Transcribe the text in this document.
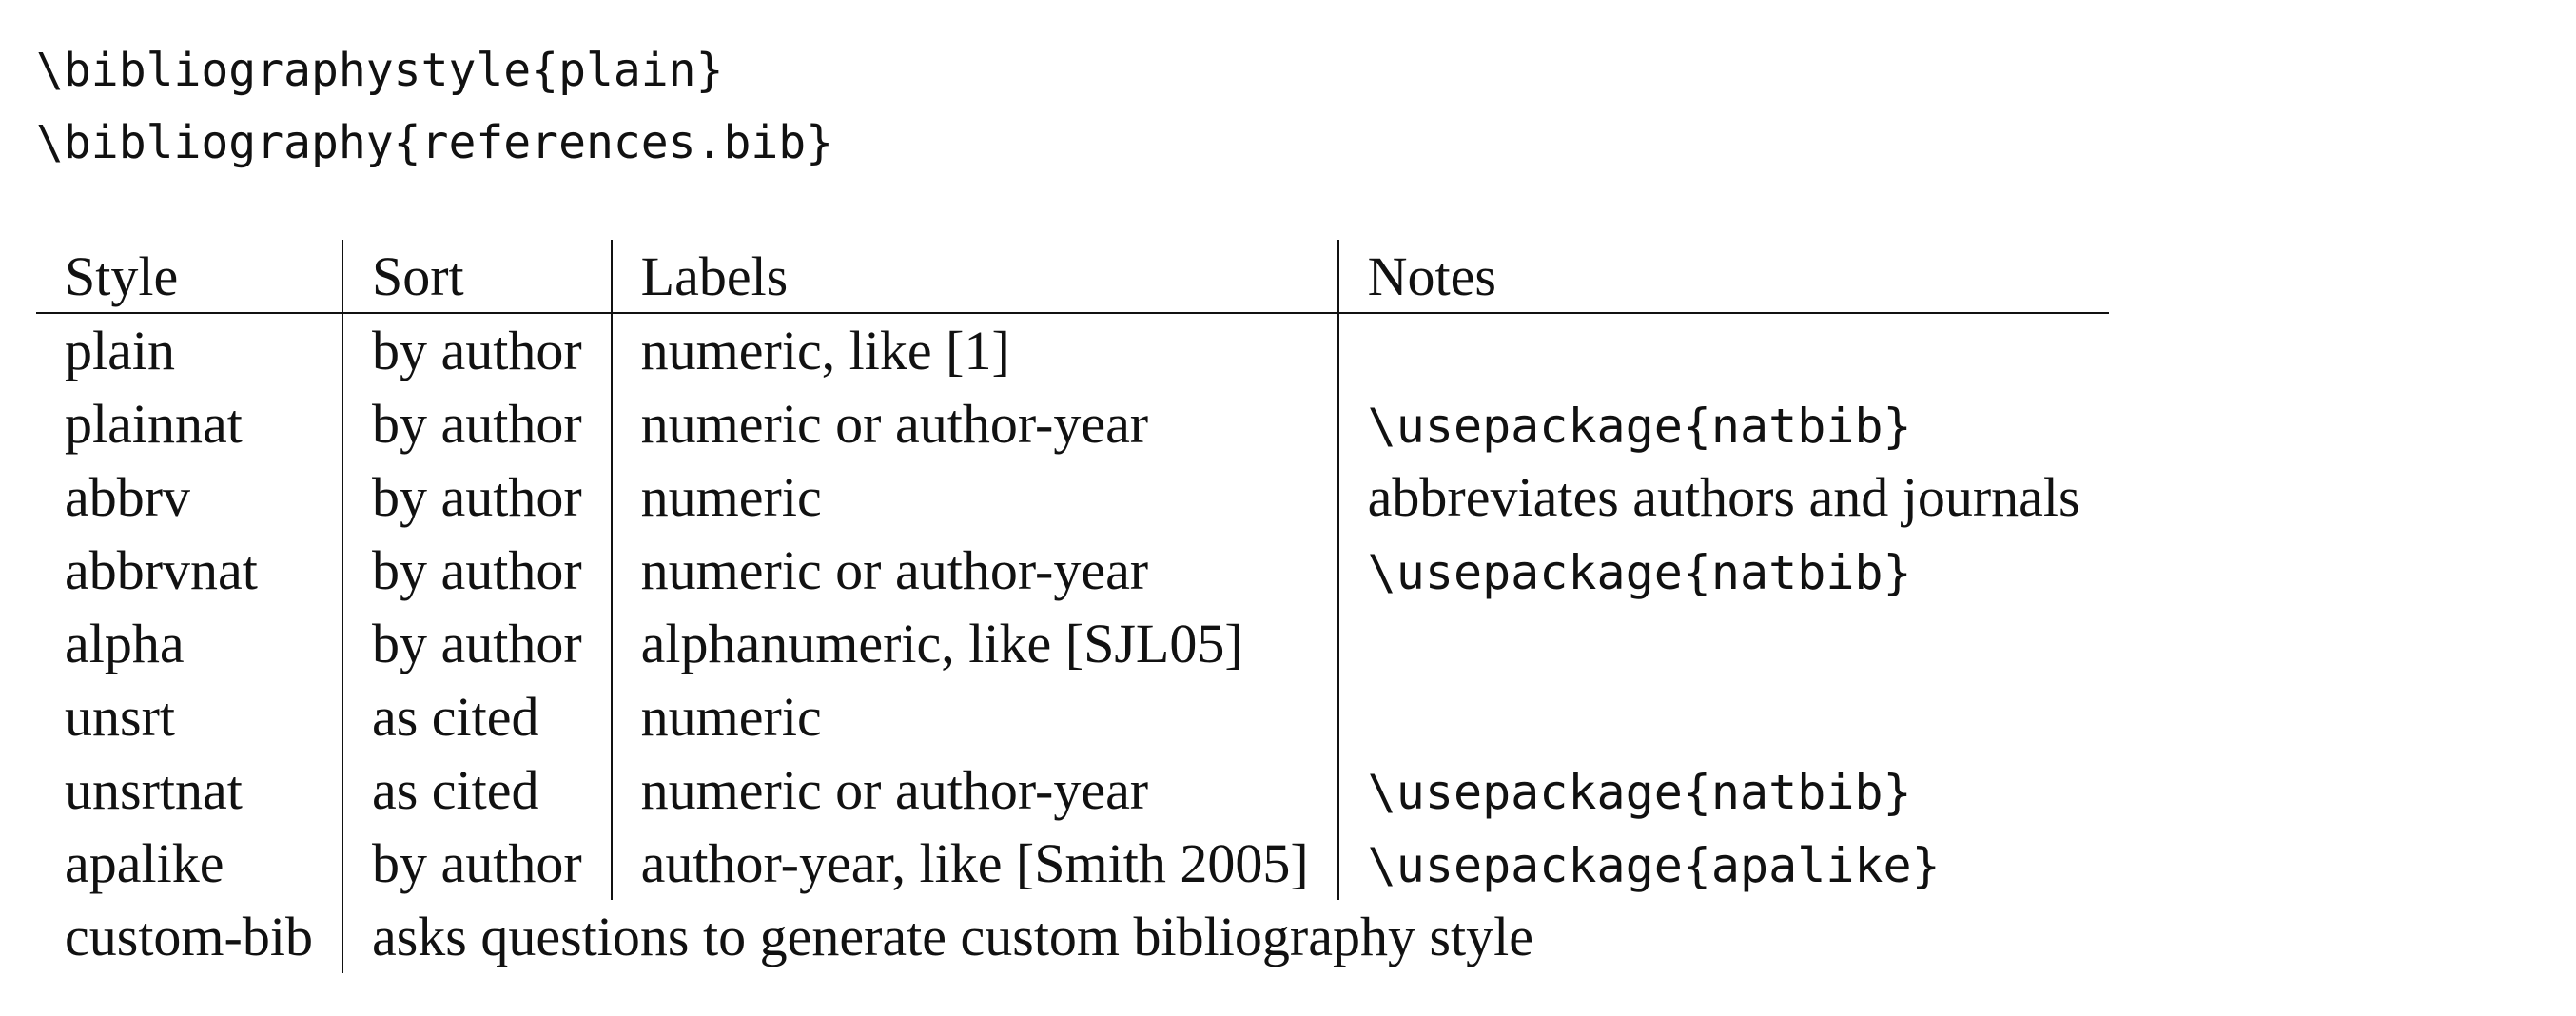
\bibliographystyle{plain}
\bibliography{references.bib}
Style	Sort	Labels	Notes
plain	by author	numeric, like [1]	
plainnat	by author	numeric or author-year	\usepackage{natbib}
abbrv	by author	numeric	abbreviates authors and journals
abbrvnat	by author	numeric or author-year	\usepackage{natbib}
alpha	by author	alphanumeric, like [SJL05]	
unsrt	as cited	numeric	
unsrtnat	as cited	numeric or author-year	\usepackage{natbib}
apalike	by author	author-year, like [Smith 2005]	\usepackage{apalike}
custom-bib	asks questions to generate custom bibliography style		
